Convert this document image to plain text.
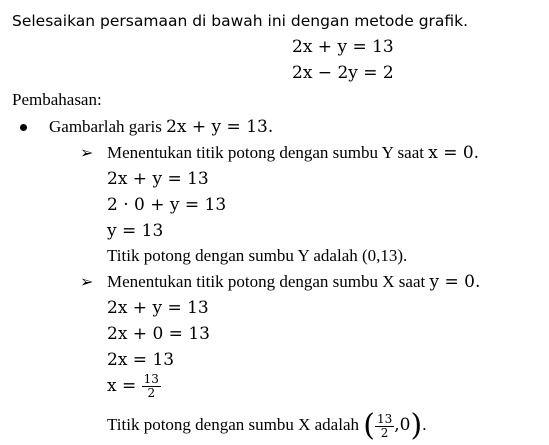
Selesaikan persamaan di bawah ini dengan metode grafik.
2x + y = 13
2x − 2y = 2
Pembahasan:
Gambarlah garis 2x + y = 13.
➢ Menentukan titik potong dengan sumbu Y saat x = 0.
2x + y = 13
2 · 0 + y = 13
y = 13
Titik potong dengan sumbu Y adalah (0,13).
➢ Menentukan titik potong dengan sumbu X saat y = 0.
2x + y = 13
2x + 0 = 13
2x = 13
$x = \frac{13}{2}$
Titik potong dengan sumbu X adalah ( $\frac{13}{2} ,0$).
